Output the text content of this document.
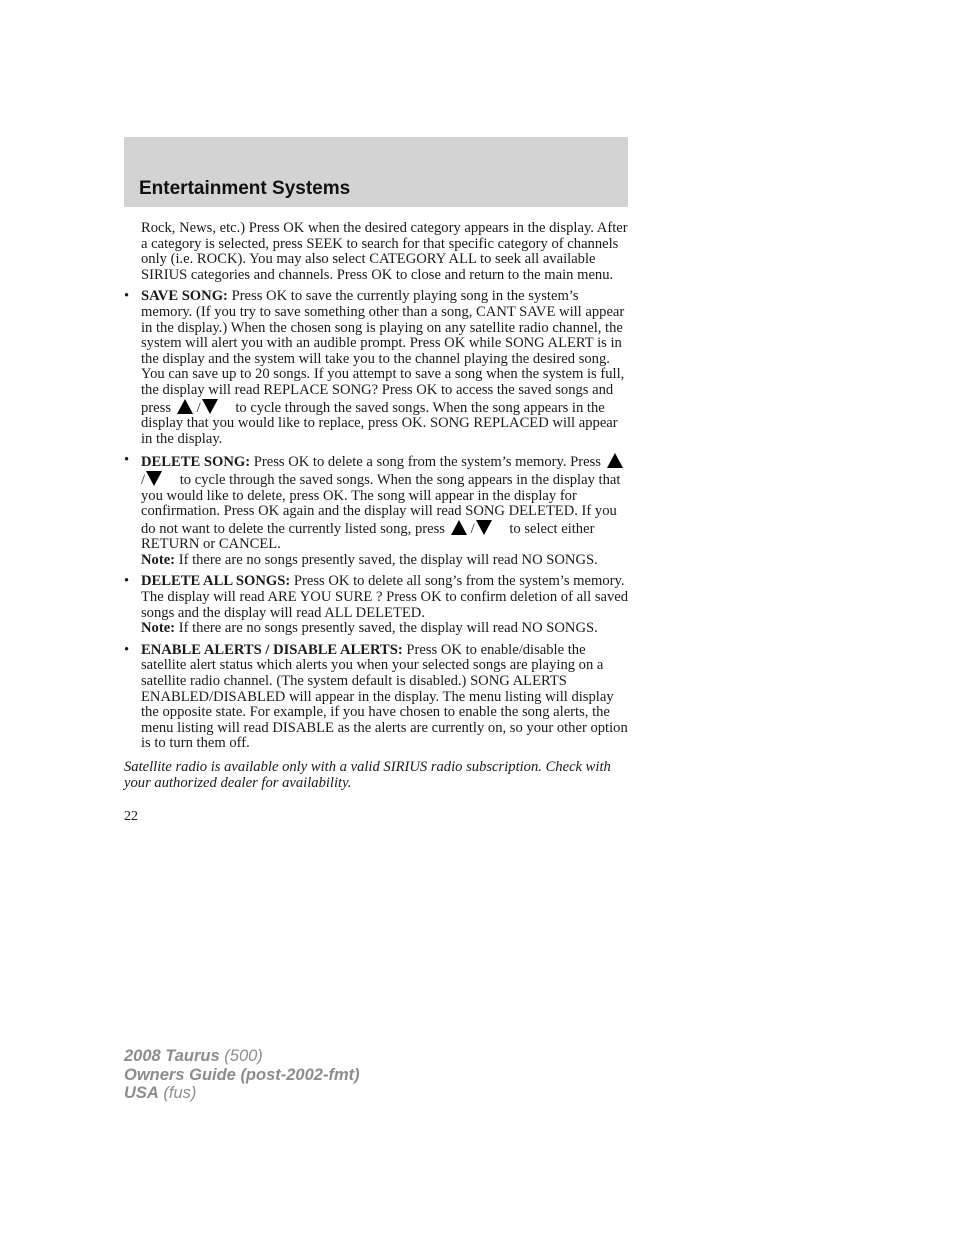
Entertainment Systems

Rock, News, etc.) Press OK when the desired category appears in the display. After a category is selected, press SEEK to search for that specific category of channels only (i.e. ROCK). You may also select CATEGORY ALL to seek all available SIRIUS categories and channels. Press OK to close and return to the main menu.

• SAVE SONG: Press OK to save the currently playing song in the system’s memory. (If you try to save something other than a song, CANT SAVE will appear in the display.) When the chosen song is playing on any satellite radio channel, the system will alert you with an audible prompt. Press OK while SONG ALERT is in the display and the system will take you to the channel playing the desired song. You can save up to 20 songs. If you attempt to save a song when the system is full, the display will read REPLACE SONG? Press OK to access the saved songs and press / to cycle through the saved songs. When the song appears in the display that you would like to replace, press OK. SONG REPLACED will appear in the display.

• DELETE SONG: Press OK to delete a song from the system’s memory. Press / to cycle through the saved songs. When the song appears in the display that you would like to delete, press OK. The song will appear in the display for confirmation. Press OK again and the display will read SONG DELETED. If you do not want to delete the currently listed song, press / to select either RETURN or CANCEL.

Note: If there are no songs presently saved, the display will read NO SONGS.

• DELETE ALL SONGS: Press OK to delete all song’s from the system’s memory. The display will read ARE YOU SURE ? Press OK to confirm deletion of all saved songs and the display will read ALL DELETED.

Note: If there are no songs presently saved, the display will read NO SONGS.

• ENABLE ALERTS / DISABLE ALERTS: Press OK to enable/disable the satellite alert status which alerts you when your selected songs are playing on a satellite radio channel. (The system default is disabled.) SONG ALERTS ENABLED/DISABLED will appear in the display. The menu listing will display the opposite state. For example, if you have chosen to enable the song alerts, the menu listing will read DISABLE as the alerts are currently on, so your other option is to turn them off.

Satellite radio is available only with a valid SIRIUS radio subscription. Check with your authorized dealer for availability.

22

2008 Taurus (500)
Owners Guide (post-2002-fmt)
USA (fus)
